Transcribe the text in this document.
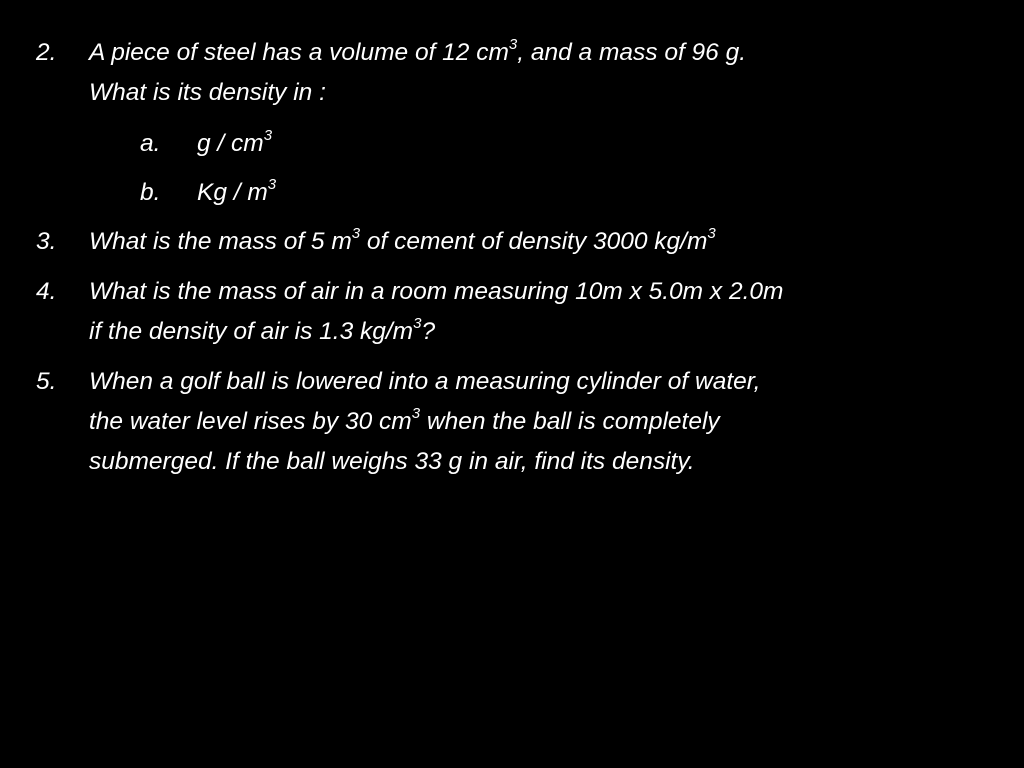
2.	A piece of steel has a volume of 12 $cm^3$, and a mass of 96 g.
What is its density in :
a.	g / $cm^3$
b.	Kg / $m^3$
3.	What is the mass of 5 $m^3$ of cement of density 3000 $kg/m^3$
4.	What is the mass of air in a room measuring 10m x 5.0m x 2.0m
if the density of air is 1.3 $kg/m^3$?
5.	When a golf ball is lowered into a measuring cylinder of water,
the water level rises by 30 $cm^3$ when the ball is completely
submerged. If the ball weighs 33 g in air, find its density.
